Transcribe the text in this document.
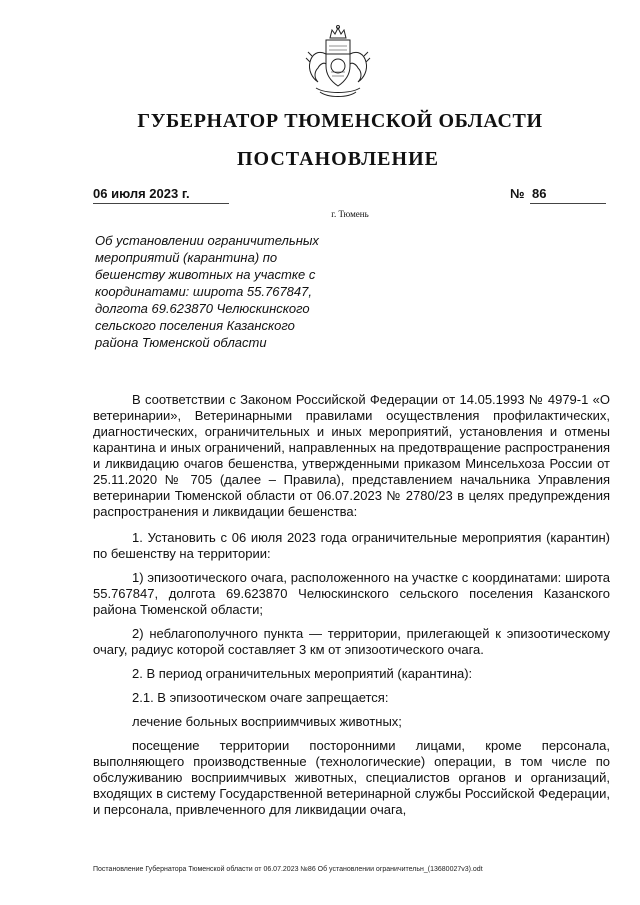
ГУБЕРНАТОР ТЮМЕНСКОЙ ОБЛАСТИ
ПОСТАНОВЛЕНИЕ
06 июля 2023 г.	№ 86
г. Тюмень
Об установлении ограничительных
мероприятий (карантина) по
бешенству животных на участке с
координатами: широта 55.767847,
долгота 69.623870 Челюскинского
сельского поселения Казанского
района Тюменской области

В соответствии с Законом Российской Федерации от 14.05.1993 № 4979-1 «О ветеринарии», Ветеринарными правилами осуществления профилактических, диагностических, ограничительных и иных мероприятий, установления и отмены карантина и иных ограничений, направленных на предотвращение распространения и ликвидацию очагов бешенства, утвержденными приказом Минсельхоза России от 25.11.2020 № 705 (далее – Правила), представлением начальника Управления ветеринарии Тюменской области от 06.07.2023 № 2780/23 в целях предупреждения распространения и ликвидации бешенства:

1. Установить с 06 июля 2023 года ограничительные мероприятия (карантин) по бешенству на территории:

1) эпизоотического очага, расположенного на участке с координатами: широта 55.767847, долгота 69.623870 Челюскинского сельского поселения Казанского района Тюменской области;

2) неблагополучного пункта — территории, прилегающей к эпизоотическому очагу, радиус которой составляет 3 км от эпизоотического очага.

2. В период ограничительных мероприятий (карантина):

2.1. В эпизоотическом очаге запрещается:

лечение больных восприимчивых животных;

посещение территории посторонними лицами, кроме персонала, выполняющего производственные (технологические) операции, в том числе по обслуживанию восприимчивых животных, специалистов органов и организаций, входящих в систему Государственной ветеринарной службы Российской Федерации, и персонала, привлеченного для ликвидации очага,

Постановление Губернатора Тюменской области от 06.07.2023 №86 Об установлении ограничительн_(13680027v3).odt
